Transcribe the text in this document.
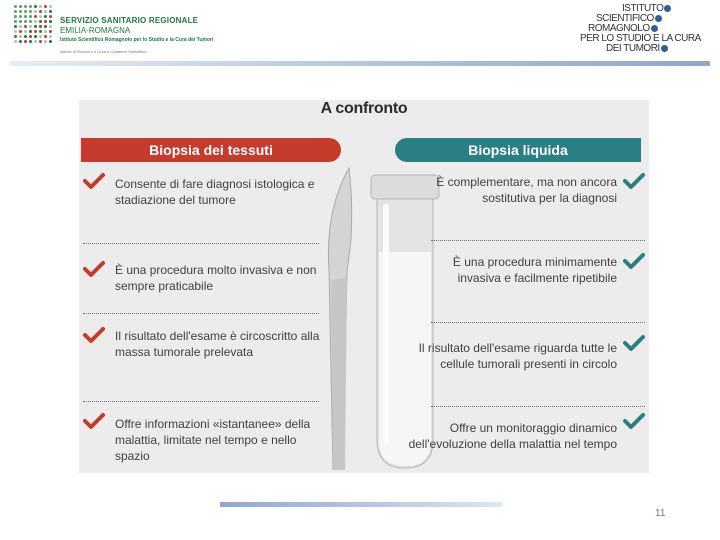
SERVIZIO SANITARIO REGIONALE
EMILIA-ROMAGNA
Istituto Scientifico Romagnolo per lo Studio e la Cura dei Tumori
Istituto di Ricovero e Cura a Carattere Scientifico
ISTITUTO
SCIENTIFICO
ROMAGNOLO
PER LO STUDIO E LA CURA
DEI TUMORI
A confronto
Biopsia dei tessuti	Biopsia liquida
Consente di fare diagnosi istologica e stadiazione del tumore
È una procedura molto invasiva e non sempre praticabile
Il risultato dell'esame è circoscritto alla massa tumorale prelevata
Offre informazioni «istantanee» della malattia, limitate nel tempo e nello spazio
È complementare, ma non ancora sostitutiva per la diagnosi
È una procedura minimamente invasiva e facilmente ripetibile
Il risultato dell'esame riguarda tutte le cellule tumorali presenti in circolo
Offre un monitoraggio dinamico dell'evoluzione della malattia nel tempo
11
